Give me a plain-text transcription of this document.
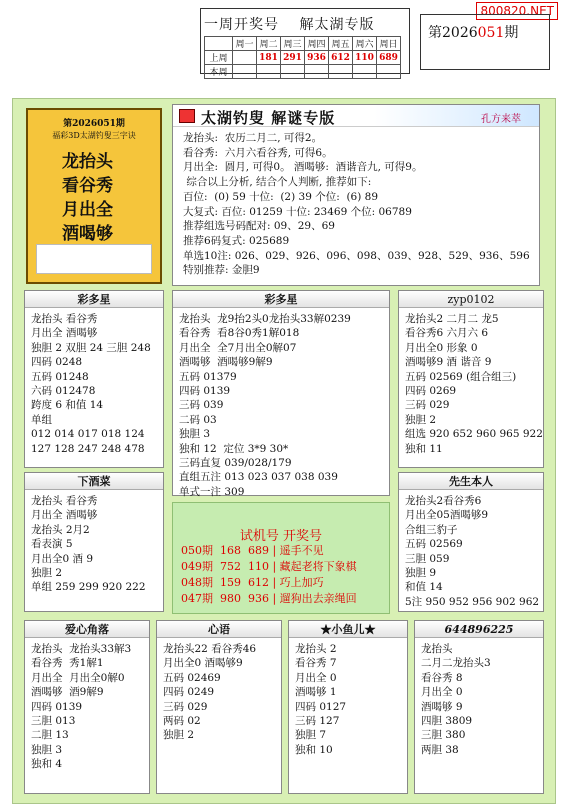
800820.NET
一周开奖号　 解太湖专版
	周一	周二	周三	周四	周五	周六	周日
上周		181	291	936	612	110	689
本周							
第2026051期
第2026051期
福彩3D太湖钓叟三字诀
龙抬头
看谷秀
月出全
酒喝够
太湖钓叟 解谜专版	孔方来萃
龙抬头:  农历二月二, 可得2。
看谷秀:  六月六看谷秀, 可得6。
月出全:  圆月, 可得0。 酒喝够:  酒谐音九, 可得9。
综合以上分析, 结合个人判断, 推荐如下:
百位:  (0) 59 十位:  (2) 39 个位:  (6) 89
大复式: 百位: 01259 十位: 23469 个位: 06789
推荐组选号码配对: 09、29、69
推荐6码复式: 025689
单选10注: 026、029、926、096、098、039、928、529、936、596
特别推荐: 金胆9
彩多星
龙抬头 看谷秀
月出全 酒喝够
独胆 2 双胆 24 三胆 248
四码 0248
五码 01248
六码 012478
跨度 6 和值 14
单组
012 014 017 018 124
127 128 247 248 478
彩多星
龙抬头  龙9抬2头0龙抬头33解0239
看谷秀  看8谷0秀1解018
月出全  全7月出全0解07
酒喝够  酒喝够9解9
五码 01379
四码 0139
三码 039
二码 03
独胆 3
独和 12  定位 3*9 30*
三码直复 039/028/179
直组五注 013 023 037 038 039
单式一注 309
zyp0102
龙抬头2 二月二 龙5
看谷秀6 六月六 6
月出全0 形象 0
酒喝够9 酒 谐音 9
五码 02569 (组合组三)
四码 0269
三码 029
独胆 2
组选 920 652 960 965 922
独和 11
下酒菜
龙抬头 看谷秀
月出全 酒喝够
龙抬头 2月2
看表演 5
月出全0 酒 9
独胆 2
单组 259 299 920 222
试机号 开奖号
050期  168  689 | 遥手不见
049期  752  110 | 藏起老将下象棋
048期  159  612 | 巧上加巧
047期  980  936 | 遛狗出去亲绳回
先生本人
龙抬头2看谷秀6
月出全05酒喝够9
合组三豹子
五码 02569
三胆 059
独胆 9
和值 14
5注 950 952 956 902 962
爱心角落
龙抬头  龙抬头33解3
看谷秀  秀1解1
月出全  月出全0解0
酒喝够  酒9解9
四码 0139
三胆 013
二胆 13
独胆 3
独和 4
心语
龙抬头22 看谷秀46
月出全0 酒喝够9
五码 02469
四码 0249
三码 029
两码 02
独胆 2
★小鱼儿★
龙抬头 2
看谷秀 7
月出全 0
酒喝够 1
四码 0127
三码 127
独胆 7
独和 10
644896225
龙抬头
二月二龙抬头3
看谷秀 8
月出全 0
酒喝够 9
四胆 3809
三胆 380
两胆 38
